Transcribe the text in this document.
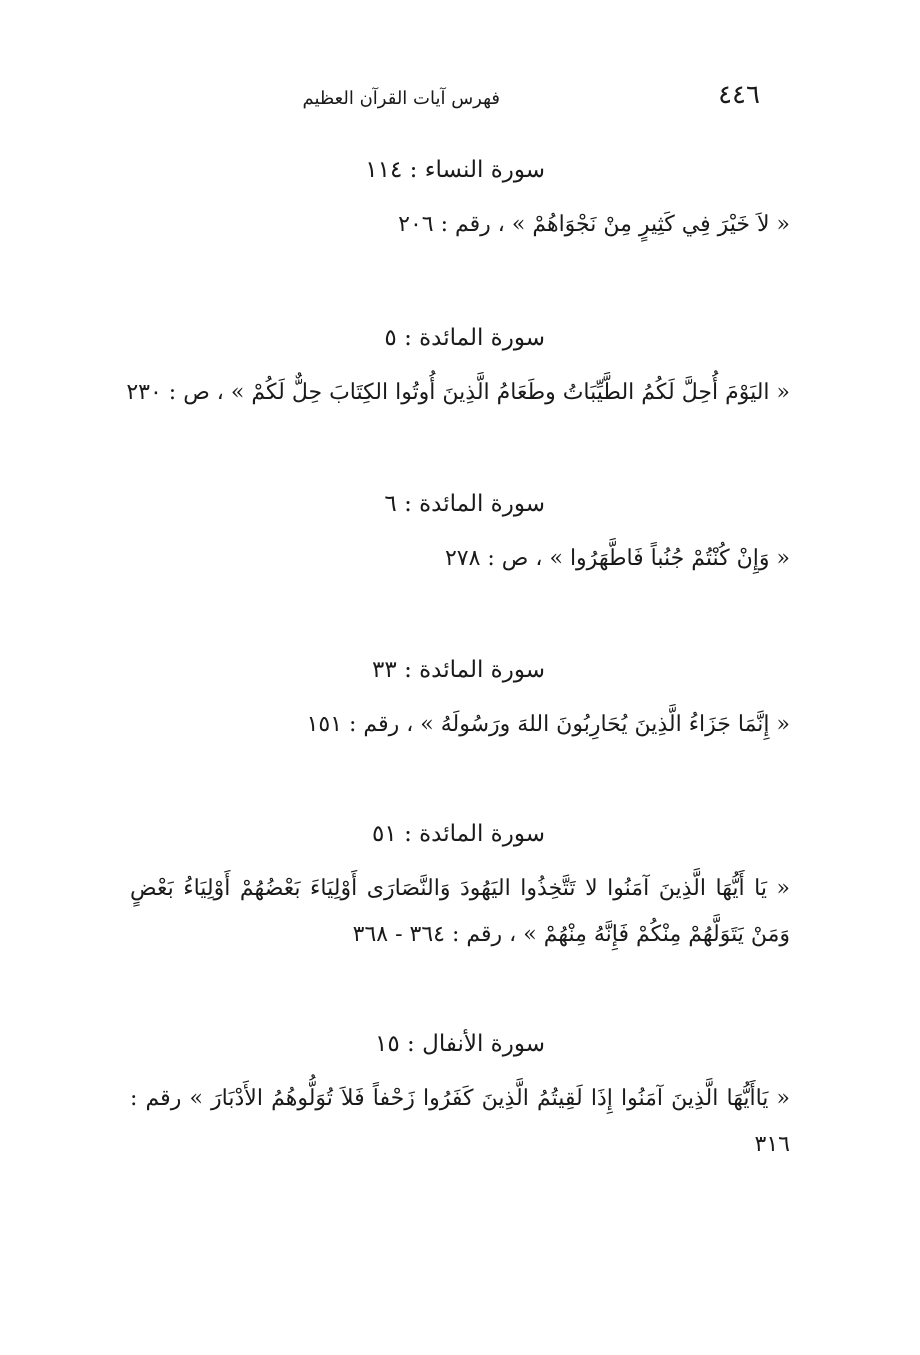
٤٤٦
فهرس آيات القرآن العظيم
سورة النساء : ١١٤
« لاَ خَيْرَ فِي كَثِيرٍ مِنْ نَجْوَاهُمْ » ، رقم : ٢٠٦
سورة المائدة : ٥
« اليَوْمَ أُحِلَّ لَكُمُ الطَّيِّبَاتُ وطَعَامُ الَّذِينَ أُوتُوا الكِتَابَ حِلٌّ لَكُمْ » ، ص : ٢٣٠
سورة المائدة : ٦
« وَإِنْ كُنْتُمْ جُنُباً فَاطَّهَرُوا » ، ص : ٢٧٨
سورة المائدة : ٣٣
« إِنَّمَا جَزَاءُ الَّذِينَ يُحَارِبُونَ اللهَ ورَسُولَهُ » ، رقم : ١٥١
سورة المائدة : ٥١
« يَا أَيُّهَا الَّذِينَ آمَنُوا لا تَتَّخِذُوا اليَهُودَ وَالنَّصَارَى أَوْلِيَاءَ بَعْضُهُمْ أَوْلِيَاءُ بَعْضٍ وَمَنْ يَتَوَلَّهُمْ مِنْكُمْ فَإِنَّهُ مِنْهُمْ » ، رقم : ٣٦٤ - ٣٦٨
سورة الأنفال : ١٥
« يَاأَيُّهَا الَّذِينَ آمَنُوا إِذَا لَقِيتُمُ الَّذِينَ كَفَرُوا زَحْفاً فَلاَ تُوَلُّوهُمُ الأَدْبَارَ » رقم : ٣١٦
